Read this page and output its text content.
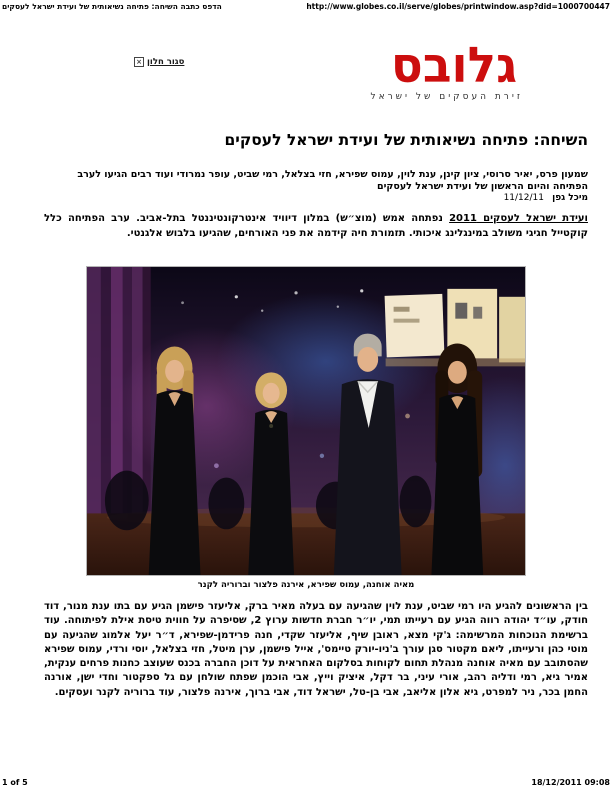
הדפס כתבה השיחה: פתיחה נשיאותית של ועידת ישראל לעסקים	http://www.globes.co.il/serve/globes/printwindow.asp?did=1000700447
סגור חלון
×	גלובס
זירת העסקים של ישראל
השיחה: פתיחה נשיאותית של ועידת ישראל לעסקים
שמעון פרס, יאיר סרוסי, ציון קינן, ענת לוין, עמוס שפירא, חזי בצלאל, רמי שביט, עופר נמרודי ועוד רבים הגיעו לערב הפתיחה והיום הראשון של ועידת ישראל לעסקים
מיכל גפן 11/12/11
ועידת ישראל לעסקים 2011 נפתחה אמש (מוצ״ש) במלון דיוויד אינטרקונטיננטל בתל-אביב. ערב הפתיחה כלל קוקטייל חגיגי משולב במינגלינג איכותי. תזמורת חיה קידמה את פני האורחים, שהגיעו בלבוש אלגנטי.
מאיה אוחנה, עמוס שפירא, אירנה פלצור וברוריה לקנר
בין הראשונים להגיע היו רמי שביט, ענת לוין שהגיעה עם בעלה מאיר ברק, אליעזר פישמן הגיע עם בתו ענת מנור, דוד חודק, עו״ד יהודה רווה הגיע עם רעייתו תמי, יו״ר חברת חדשות ערוץ 2, שסיפרה על חווית טיסת אילת לפיתוחה. עוד ברשימת הנוכחות המרשימה: ג'קי מצא, ראובן שיף, אליעזר שקדי, חנה פרידמן-שפירא, ד״ר יעל אלמוג שהגיעה עם מוטי כהן ורעייתו, ליאם מקטור סגן עורך ב'ניו-יורק טיימס', אייל פישמן, ערן מיטל, חזי בצלאל, יוסי ורדי, עמוס שפירא שהסתובב עם מאיה אוחנה מנהלת תחום לקוחות בסלקום האחראית על דוכן החברה בכנס שעוצב כחנות פרחים ענקית, אמיר גיא, רמי ודליה רהב, אורי עיני, בר דקל, איציק וייץ, אבי הוכמן שפתח שולחן עם גל ספקטור וחדי ישן, אורנה החמן בכר, ניר למפרט, גיא אלון אליאב, אבי בן-טל, ישראל דוד, אבי ברוך, אירנה פלצור, עוד ברוריה לקנר ועסקים.
1 of 5	18/12/2011 09:08
